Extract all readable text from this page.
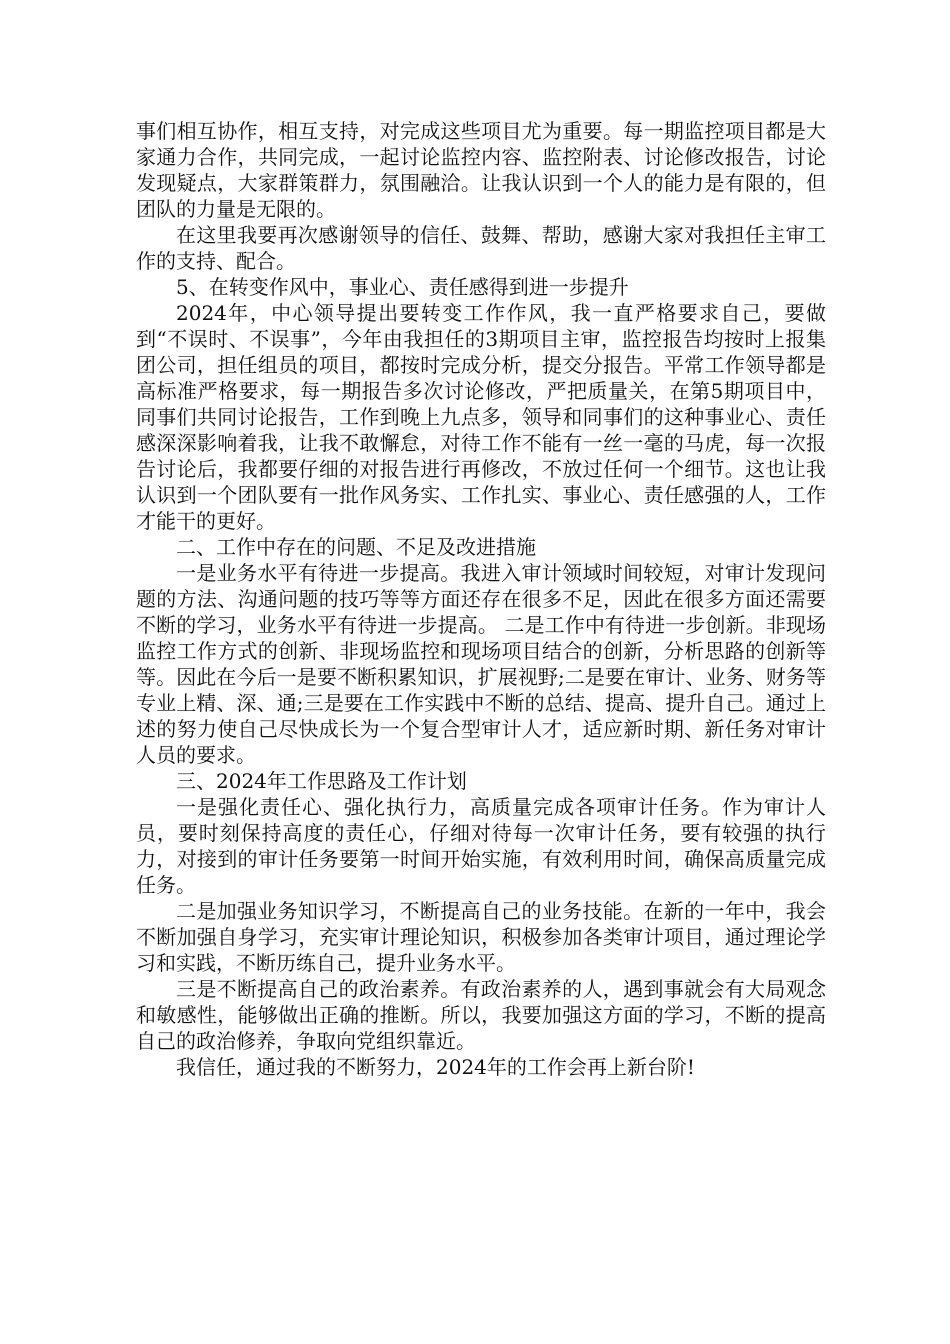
事们相互协作，相互支持，对完成这些项目尤为重要。每一期监控项目都是大家通力合作，共同完成，一起讨论监控内容、监控附表、讨论修改报告，讨论发现疑点，大家群策群力，氛围融洽。让我认识到一个人的能力是有限的，但团队的力量是无限的。

在这里我要再次感谢领导的信任、鼓舞、帮助，感谢大家对我担任主审工作的支持、配合。

5、在转变作风中，事业心、责任感得到进一步提升

2024年，中心领导提出要转变工作作风，我一直严格要求自己，要做到“不误时、不误事”，今年由我担任的3期项目主审，监控报告均按时上报集团公司，担任组员的项目，都按时完成分析，提交分报告。平常工作领导都是高标准严格要求，每一期报告多次讨论修改，严把质量关，在第5期项目中，同事们共同讨论报告，工作到晚上九点多，领导和同事们的这种事业心、责任感深深影响着我，让我不敢懈怠，对待工作不能有一丝一毫的马虎，每一次报告讨论后，我都要仔细的对报告进行再修改，不放过任何一个细节。这也让我认识到一个团队要有一批作风务实、工作扎实、事业心、责任感强的人，工作才能干的更好。

二、工作中存在的问题、不足及改进措施

一是业务水平有待进一步提高。我进入审计领域时间较短，对审计发现问题的方法、沟通问题的技巧等等方面还存在很多不足，因此在很多方面还需要不断的学习，业务水平有待进一步提高。 二是工作中有待进一步创新。非现场监控工作方式的创新、非现场监控和现场项目结合的创新，分析思路的创新等等。因此在今后一是要不断积累知识，扩展视野;二是要在审计、业务、财务等专业上精、深、通;三是要在工作实践中不断的总结、提高、提升自己。通过上述的努力使自己尽快成长为一个复合型审计人才，适应新时期、新任务对审计人员的要求。

三、2024年工作思路及工作计划

一是强化责任心、强化执行力，高质量完成各项审计任务。作为审计人员，要时刻保持高度的责任心，仔细对待每一次审计任务，要有较强的执行力，对接到的审计任务要第一时间开始实施，有效利用时间，确保高质量完成任务。

二是加强业务知识学习，不断提高自己的业务技能。在新的一年中，我会不断加强自身学习，充实审计理论知识，积极参加各类审计项目，通过理论学习和实践，不断历练自己，提升业务水平。

三是不断提高自己的政治素养。有政治素养的人，遇到事就会有大局观念和敏感性，能够做出正确的推断。所以，我要加强这方面的学习，不断的提高自己的政治修养，争取向党组织靠近。

我信任，通过我的不断努力，2024年的工作会再上新台阶!
